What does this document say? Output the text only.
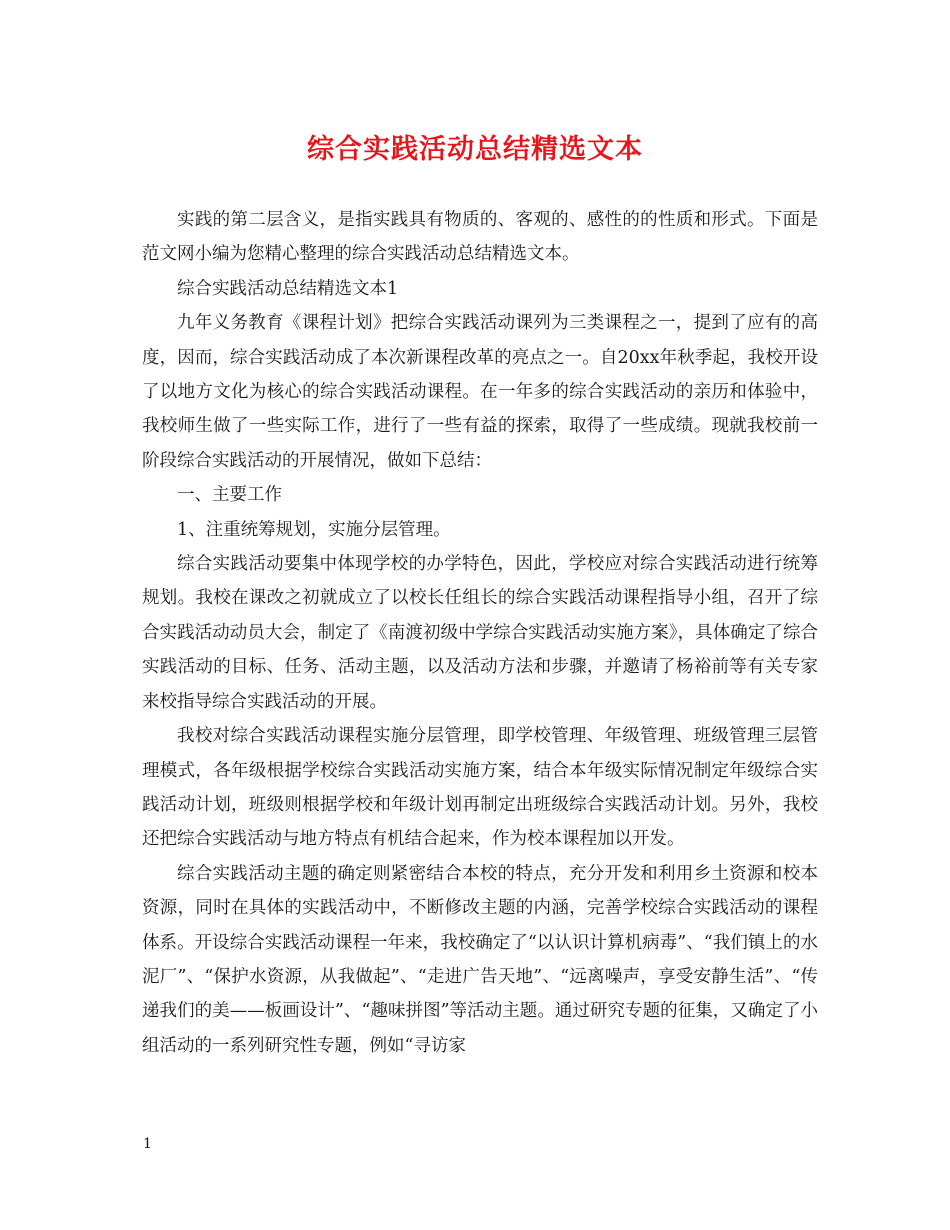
综合实践活动总结精选文本

实践的第二层含义，是指实践具有物质的、客观的、感性的的性质和形式。下面是范文网小编为您精心整理的综合实践活动总结精选文本。

综合实践活动总结精选文本1

九年义务教育《课程计划》把综合实践活动课列为三类课程之一，提到了应有的高度，因而，综合实践活动成了本次新课程改革的亮点之一。自20xx年秋季起，我校开设了以地方文化为核心的综合实践活动课程。在一年多的综合实践活动的亲历和体验中，我校师生做了一些实际工作，进行了一些有益的探索，取得了一些成绩。现就我校前一阶段综合实践活动的开展情况，做如下总结：

一、主要工作

1、注重统筹规划，实施分层管理。

综合实践活动要集中体现学校的办学特色，因此，学校应对综合实践活动进行统筹规划。我校在课改之初就成立了以校长任组长的综合实践活动课程指导小组，召开了综合实践活动动员大会，制定了《南渡初级中学综合实践活动实施方案》，具体确定了综合实践活动的目标、任务、活动主题，以及活动方法和步骤，并邀请了杨裕前等有关专家来校指导综合实践活动的开展。

我校对综合实践活动课程实施分层管理，即学校管理、年级管理、班级管理三层管理模式，各年级根据学校综合实践活动实施方案，结合本年级实际情况制定年级综合实践活动计划，班级则根据学校和年级计划再制定出班级综合实践活动计划。另外，我校还把综合实践活动与地方特点有机结合起来，作为校本课程加以开发。

综合实践活动主题的确定则紧密结合本校的特点，充分开发和利用乡土资源和校本资源，同时在具体的实践活动中，不断修改主题的内涵，完善学校综合实践活动的课程体系。开设综合实践活动课程一年来，我校确定了“以认识计算机病毒”、“我们镇上的水泥厂”、“保护水资源，从我做起”、“走进广告天地”、“远离噪声，享受安静生活”、“传递我们的美——板画设计”、“趣味拼图”等活动主题。通过研究专题的征集，又确定了小组活动的一系列研究性专题，例如“寻访家

1
